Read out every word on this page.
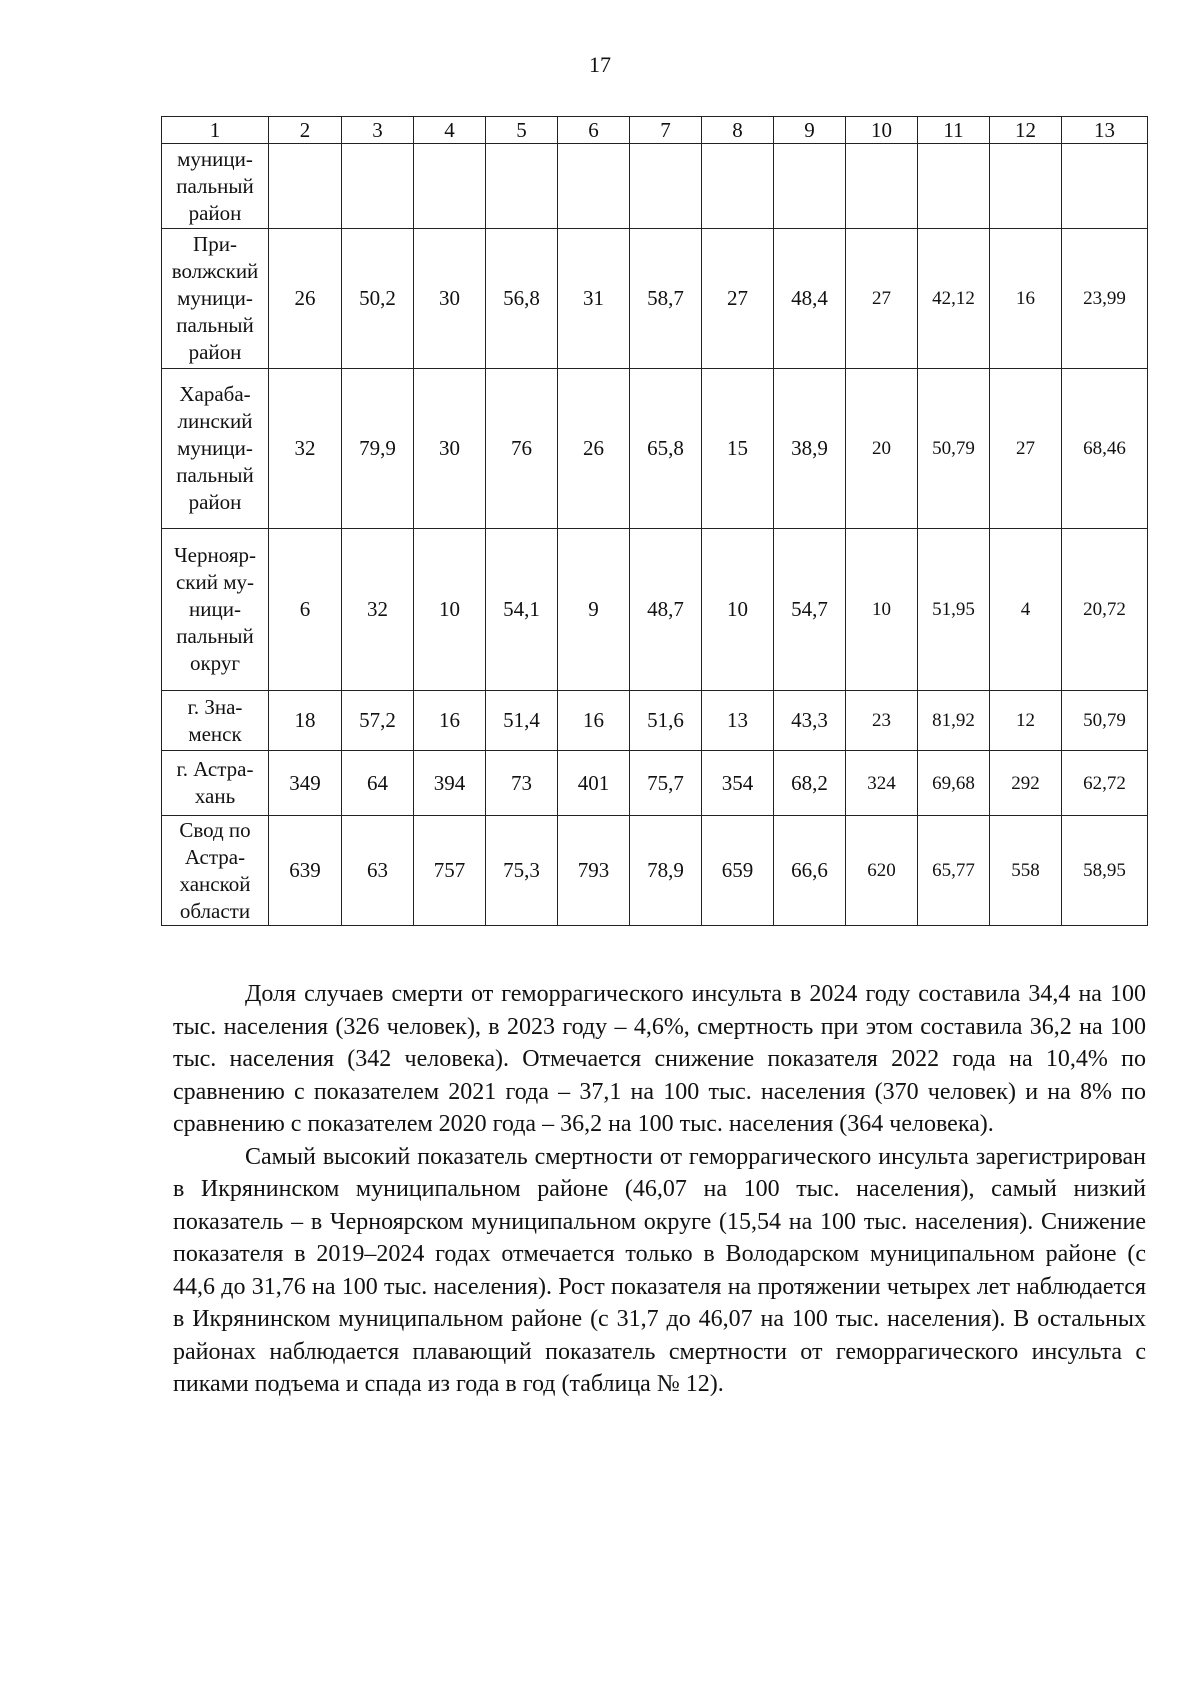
17
1	2	3	4	5	6	7	8	9	10	11	12	13
муници-
пальный
район												
При-
волжский
муници-
пальный
район	26	50,2	30	56,8	31	58,7	27	48,4	27	42,12	16	23,99
Хараба-
линский
муници-
пальный
район	32	79,9	30	76	26	65,8	15	38,9	20	50,79	27	68,46
Чернояр-
ский му-
ници-
пальный
округ	6	32	10	54,1	9	48,7	10	54,7	10	51,95	4	20,72
г. Зна-
менск	18	57,2	16	51,4	16	51,6	13	43,3	23	81,92	12	50,79
г. Астра-
хань	349	64	394	73	401	75,7	354	68,2	324	69,68	292	62,72
Свод по
Астра-
ханской
области	639	63	757	75,3	793	78,9	659	66,6	620	65,77	558	58,95

Доля случаев смерти от геморрагического инсульта в 2024 году составила 34,4 на 100 тыс. населения (326 человек), в 2023 году – 4,6%, смертность при этом составила 36,2 на 100 тыс. населения (342 человека). Отмечается снижение показателя 2022 года на 10,4% по сравнению с показателем 2021 года – 37,1 на 100 тыс. населения (370 человек) и на 8% по сравнению с показателем 2020 года – 36,2 на 100 тыс. населения (364 человека).

Самый высокий показатель смертности от геморрагического инсульта зарегистрирован в Икрянинском муниципальном районе (46,07 на 100 тыс. населения), самый низкий показатель – в Черноярском муниципальном округе (15,54 на 100 тыс. населения). Снижение показателя в 2019–2024 годах отмечается только в Володарском муниципальном районе (с 44,6 до 31,76 на 100 тыс. населения). Рост показателя на протяжении четырех лет наблюдается в Икрянинском муниципальном районе (с 31,7 до 46,07 на 100 тыс. населения). В остальных районах наблюдается плавающий показатель смертности от геморрагического инсульта с пиками подъема и спада из года в год (таблица № 12).
